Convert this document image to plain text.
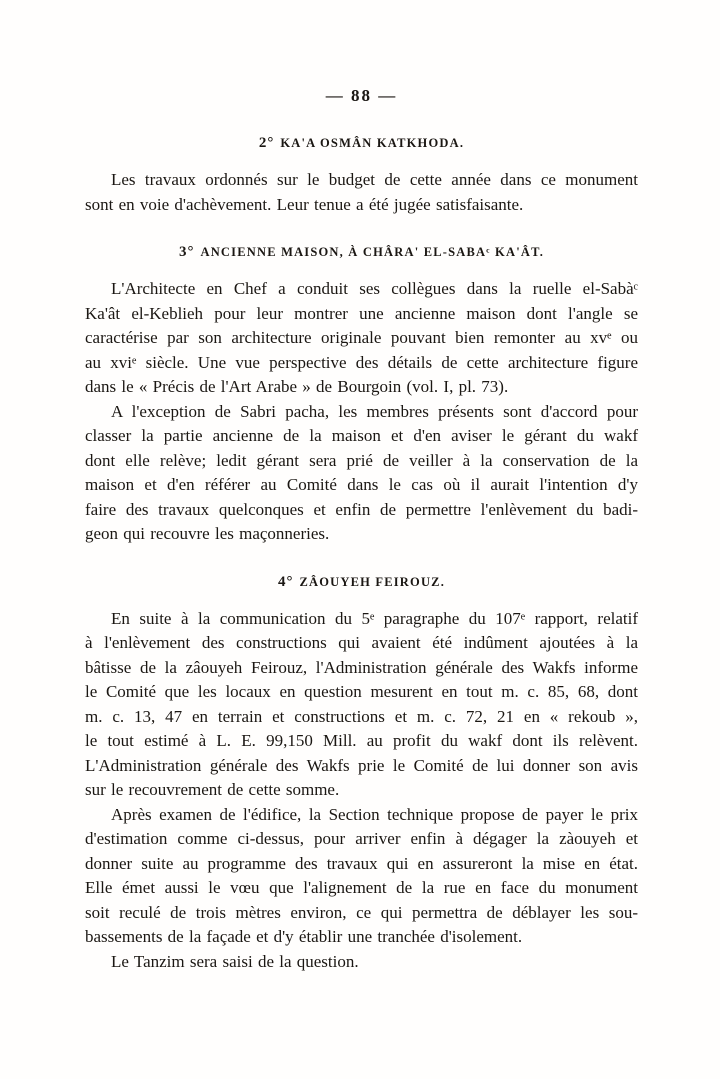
— 88 —
2° KA'A OSMÂN KATKHODA.
Les travaux ordonnés sur le budget de cette année dans ce monument
sont en voie d'achèvement. Leur tenue a été jugée satisfaisante.
3° ANCIENNE MAISON, À CHÂRA' EL-SABAᶜ KA'ÂT.
L'Architecte en Chef a conduit ses collègues dans la ruelle el-Sabàᶜ
Ka'ât el-Keblieh pour leur montrer une ancienne maison dont l'angle se
caractérise par son architecture originale pouvant bien remonter au xvᵉ ou
au xviᵉ siècle. Une vue perspective des détails de cette architecture figure
dans le « Précis de l'Art Arabe » de Bourgoin (vol. I, pl. 73).
A l'exception de Sabri pacha, les membres présents sont d'accord pour
classer la partie ancienne de la maison et d'en aviser le gérant du wakf
dont elle relève; ledit gérant sera prié de veiller à la conservation de la
maison et d'en référer au Comité dans le cas où il aurait l'intention d'y
faire des travaux quelconques et enfin de permettre l'enlèvement du badi-
geon qui recouvre les maçonneries.
4° ZÂOUYEH FEIROUZ.
En suite à la communication du 5ᵉ paragraphe du 107ᵉ rapport, relatif
à l'enlèvement des constructions qui avaient été indûment ajoutées à la
bâtisse de la zâouyeh Feirouz, l'Administration générale des Wakfs informe
le Comité que les locaux en question mesurent en tout m. c. 85, 68, dont
m. c. 13, 47 en terrain et constructions et m. c. 72, 21 en « rekoub »,
le tout estimé à L. E. 99,150 Mill. au profit du wakf dont ils relèvent.
L'Administration générale des Wakfs prie le Comité de lui donner son avis
sur le recouvrement de cette somme.
Après examen de l'édifice, la Section technique propose de payer le prix
d'estimation comme ci-dessus, pour arriver enfin à dégager la zàouyeh et
donner suite au programme des travaux qui en assureront la mise en état.
Elle émet aussi le vœu que l'alignement de la rue en face du monument
soit reculé de trois mètres environ, ce qui permettra de déblayer les sou-
bassements de la façade et d'y établir une tranchée d'isolement.
Le Tanzim sera saisi de la question.
